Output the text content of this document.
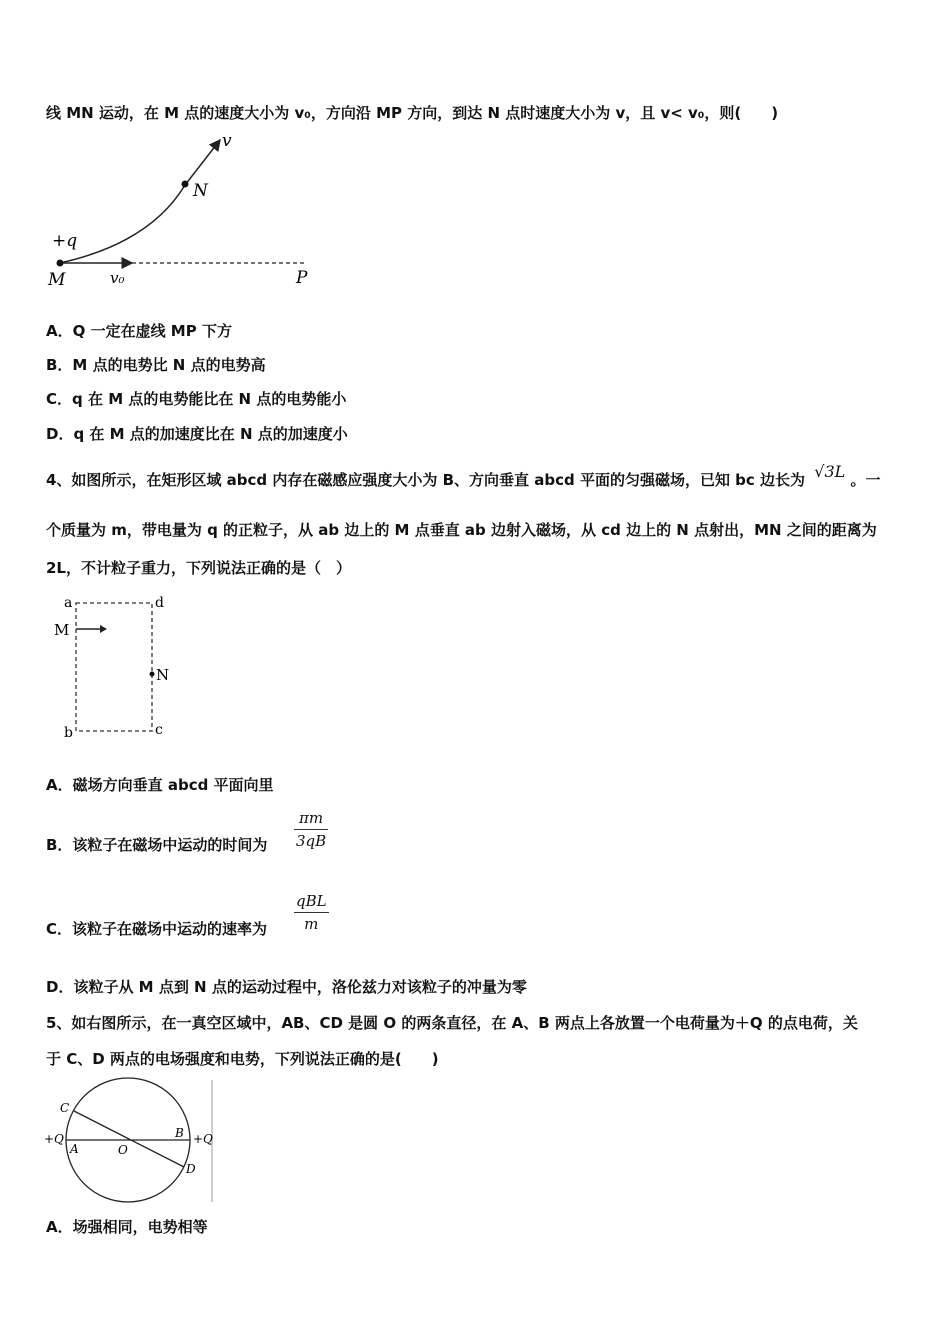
线 MN 运动，在 M 点的速度大小为 v₀，方向沿 MP 方向，到达 N 点时速度大小为 v，且 v< v₀，则(　　)
v
N
+q
M	v₀	P
A．Q 一定在虚线 MP 下方
B．M 点的电势比 N 点的电势高
C．q 在 M 点的电势能比在 N 点的电势能小
D．q 在 M 点的加速度比在 N 点的加速度小
4、如图所示，在矩形区域 abcd 内存在磁感应强度大小为 B、方向垂直 abcd 平面的匀强磁场，已知 bc 边长为 √3L 。一
个质量为 m，带电量为 q 的正粒子，从 ab 边上的 M 点垂直 ab 边射入磁场，从 cd 边上的 N 点射出，MN 之间的距离为
2L，不计粒子重力，下列说法正确的是（　）
a	d
b	c
M
N
A．磁场方向垂直 abcd 平面向里
B．该粒子在磁场中运动的时间为 $\frac{\pi m}{3qB}$
C．该粒子在磁场中运动的速率为
qBL
m
D．该粒子从 M 点到 N 点的运动过程中，洛伦兹力对该粒子的冲量为零
5、如右图所示，在一真空区域中，AB、CD 是圆 O 的两条直径，在 A、B 两点上各放置一个电荷量为＋Q 的点电荷，关
于 C、D 两点的电场强度和电势，下列说法正确的是(　　)
C
+Q
A	O
B +Q
D
A．场强相同，电势相等
